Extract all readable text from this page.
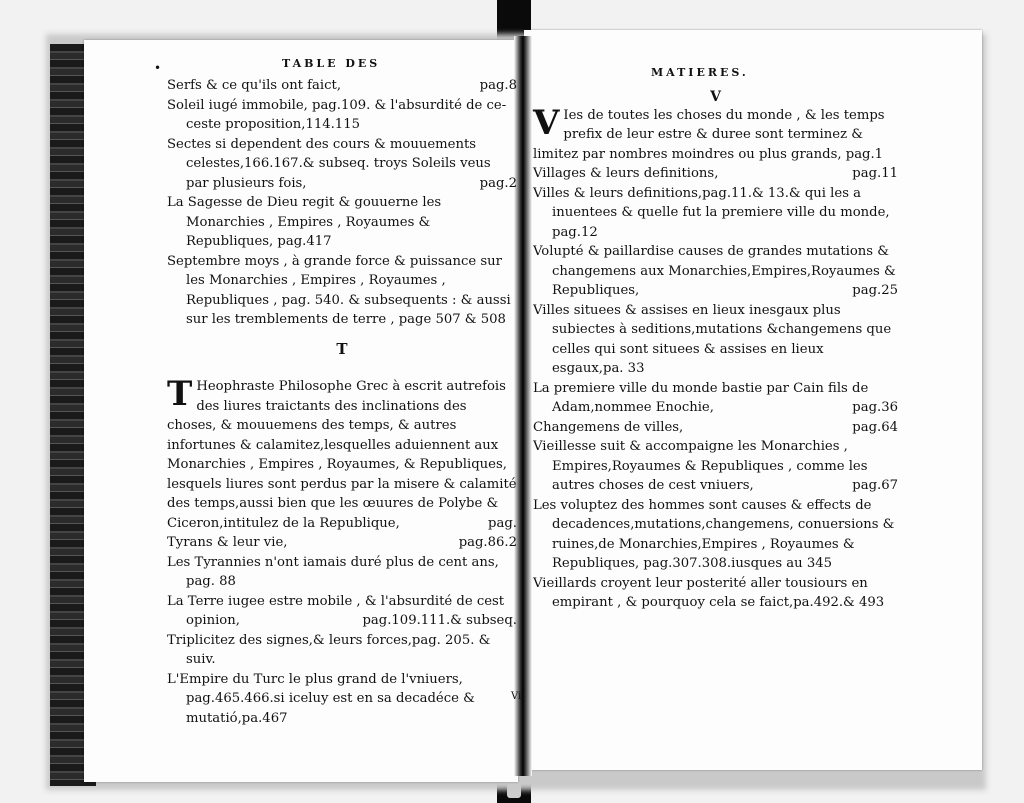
•	TABLE DES
MATIERES.

Serfs & ce qu'ils ont faict,	pag.8

Soleil iugé immobile, pag.109. & l'absurdité de ce-ceste proposition,114.115

Sectes si dependent des cours & mouuements celestes,166.167.& subseq. troys Soleils veus par plusieurs fois,	pag.2

La Sagesse de Dieu regit & gouuerne les Monarchies , Empires , Royaumes & Republiques, pag.417

Septembre moys , à grande force & puissance sur les Monarchies , Empires , Royaumes , Republiques , pag. 540. & subsequents : & aussi sur les tremblements de terre , page 507 & 508

T

T Heophraste Philosophe Grec à escrit autrefois des liures traictants des inclinations des choses, & mouuemens des temps, & autres infortunes & calamitez,lesquelles aduiennent aux Monarchies , Empires , Royaumes, & Republiques, lesquels liures sont perdus par la misere & calamité des temps,aussi bien que les œuures de Polybe & Ciceron,intitulez de la Republique,	pag.

Tyrans & leur vie,	pag.86.2

Les Tyrannies n'ont iamais duré plus de cent ans, pag. 88

La Terre iugee estre mobile , & l'absurdité de cest opinion,	pag.109.111.& subseq.

Triplicitez des signes,& leurs forces,pag. 205. & suiv.

L'Empire du Turc le plus grand de l'vniuers, pag.465.466.si iceluy est en sa decadéce & mutatió,pa.467

Vi
V

V Ies de toutes les choses du monde , & les temps prefix de leur estre & duree sont terminez & limitez par nombres moindres ou plus grands, pag.1

Villages & leurs definitions,	pag.11

Villes & leurs definitions,pag.11.& 13.& qui les a inuentees & quelle fut la premiere ville du monde, pag.12

Volupté & paillardise causes de grandes mutations & changemens aux Monarchies,Empires,Royaumes & Republiques,	pag.25

Villes situees & assises en lieux inesgaux plus subiectes à seditions,mutations &changemens que celles qui sont situees & assises en lieux esgaux,pa. 33

La premiere ville du monde bastie par Cain fils de Adam,nommee Enochie,	pag.36

Changemens de villes,	pag.64

Vieillesse suit & accompaigne les Monarchies , Empires,Royaumes & Republiques , comme les autres choses de cest vniuers,	pag.67

Les voluptez des hommes sont causes & effects de decadences,mutations,changemens, conuersions & ruines,de Monarchies,Empires , Royaumes & Republiques, pag.307.308.iusques au 345

Vieillards croyent leur posterité aller tousiours en empirant , & pourquoy cela se faict,pa.492.& 493
